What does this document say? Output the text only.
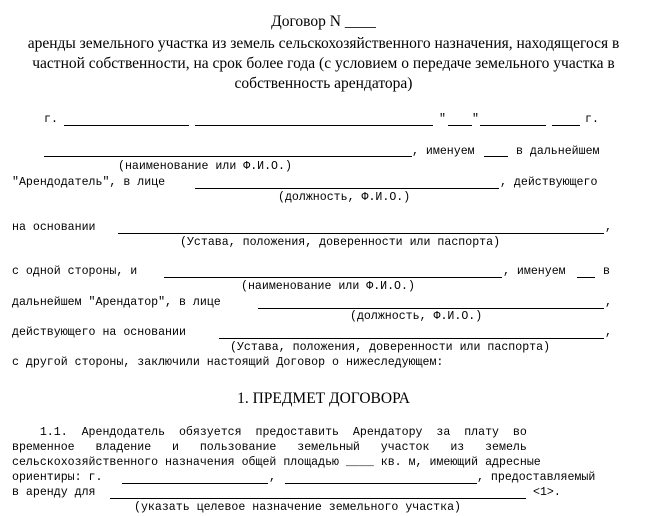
Договор N ____
аренды земельного участка из земель сельскохозяйственного назначения, находящегося в
частной собственности, на срок более года (с условием о передаче земельного участка в
собственность арендатора)
г.	" "	г.
, именуем	в дальнейшем
(наименование или Ф.И.О.)
"Арендодатель", в лице	, действующего
(должность, Ф.И.О.)
на основании	,
(Устава, положения, доверенности или паспорта)
с одной стороны, и	, именуем	в
(наименование или Ф.И.О.)
дальнейшем "Арендатор", в лице	,
(должность, Ф.И.О.)
действующего на основании	,
(Устава, положения, доверенности или паспорта)
с другой стороны, заключили настоящий Договор о нижеследующем:
1. ПРЕДМЕТ ДОГОВОРА
1.1.  Арендодатель  обязуется  предоставить  Арендатору  за  плату  во
временное   владение   и   пользование   земельный   участок   из   земель
сельскохозяйственного назначения общей площадью ____ кв. м, имеющий адресные
ориентиры: г.	,	, предоставляемый
в аренду для	<1>.
(указать целевое назначение земельного участка)
